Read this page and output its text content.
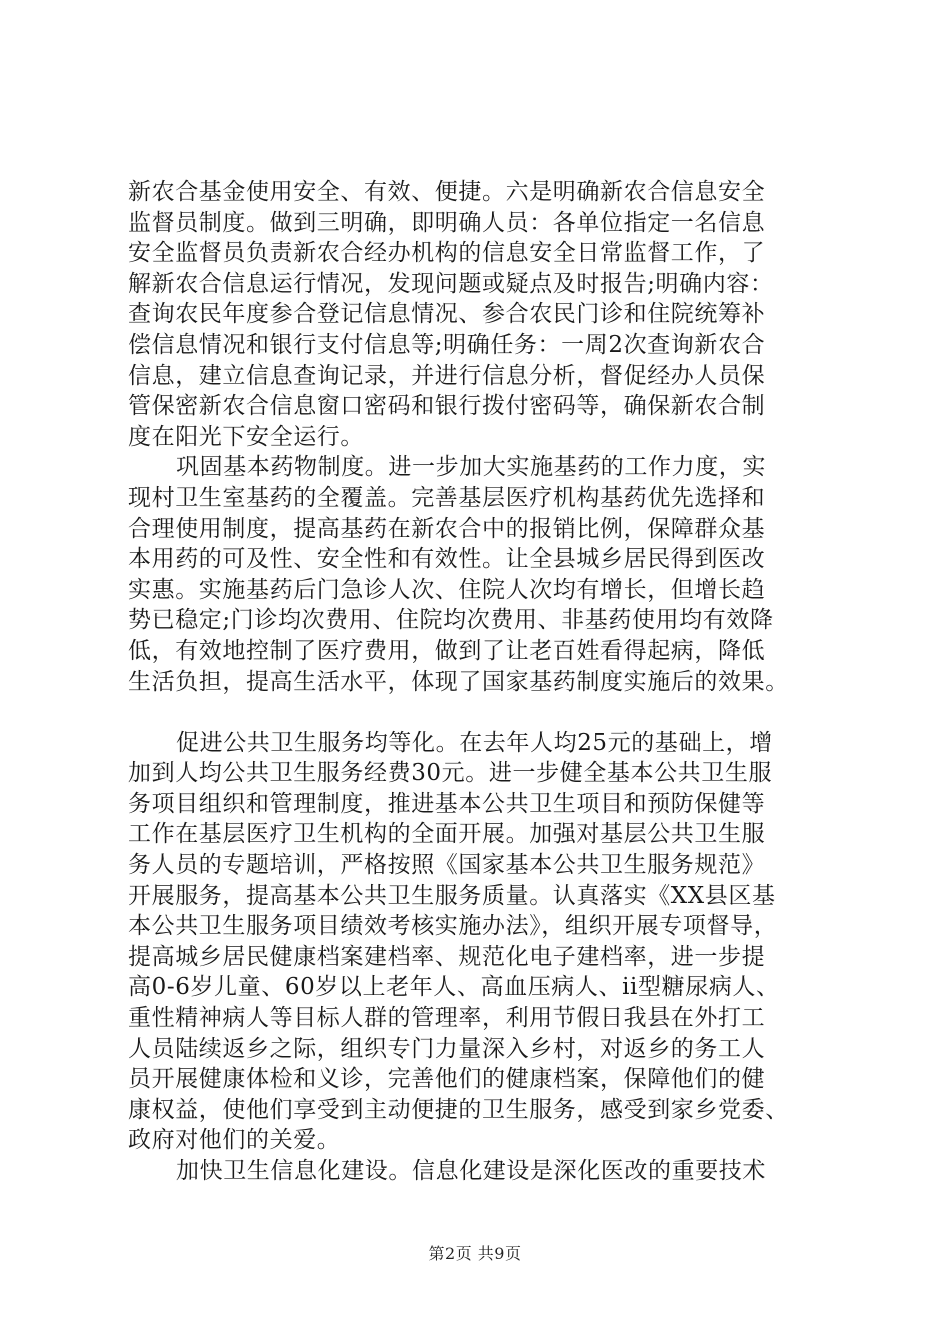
新农合基金使用安全、有效、便捷。六是明确新农合信息安全
监督员制度。做到三明确，即明确人员：各单位指定一名信息
安全监督员负责新农合经办机构的信息安全日常监督工作，了
解新农合信息运行情况，发现问题或疑点及时报告;明确内容：
查询农民年度参合登记信息情况、参合农民门诊和住院统筹补
偿信息情况和银行支付信息等;明确任务：一周2次查询新农合
信息，建立信息查询记录，并进行信息分析，督促经办人员保
管保密新农合信息窗口密码和银行拨付密码等，确保新农合制
度在阳光下安全运行。
巩固基本药物制度。进一步加大实施基药的工作力度，实
现村卫生室基药的全覆盖。完善基层医疗机构基药优先选择和
合理使用制度，提高基药在新农合中的报销比例，保障群众基
本用药的可及性、安全性和有效性。让全县城乡居民得到医改
实惠。实施基药后门急诊人次、住院人次均有增长，但增长趋
势已稳定;门诊均次费用、住院均次费用、非基药使用均有效降
低，有效地控制了医疗费用，做到了让老百姓看得起病，降低
生活负担，提高生活水平，体现了国家基药制度实施后的效果。
促进公共卫生服务均等化。在去年人均25元的基础上，增
加到人均公共卫生服务经费30元。进一步健全基本公共卫生服
务项目组织和管理制度，推进基本公共卫生项目和预防保健等
工作在基层医疗卫生机构的全面开展。加强对基层公共卫生服
务人员的专题培训，严格按照《国家基本公共卫生服务规范》
开展服务，提高基本公共卫生服务质量。认真落实《XX县区基
本公共卫生服务项目绩效考核实施办法》，组织开展专项督导，
提高城乡居民健康档案建档率、规范化电子建档率，进一步提
高0-6岁儿童、60岁以上老年人、高血压病人、ii型糖尿病人、
重性精神病人等目标人群的管理率，利用节假日我县在外打工
人员陆续返乡之际，组织专门力量深入乡村，对返乡的务工人
员开展健康体检和义诊，完善他们的健康档案，保障他们的健
康权益，使他们享受到主动便捷的卫生服务，感受到家乡党委、
政府对他们的关爱。
加快卫生信息化建设。信息化建设是深化医改的重要技术
第2页 共9页
